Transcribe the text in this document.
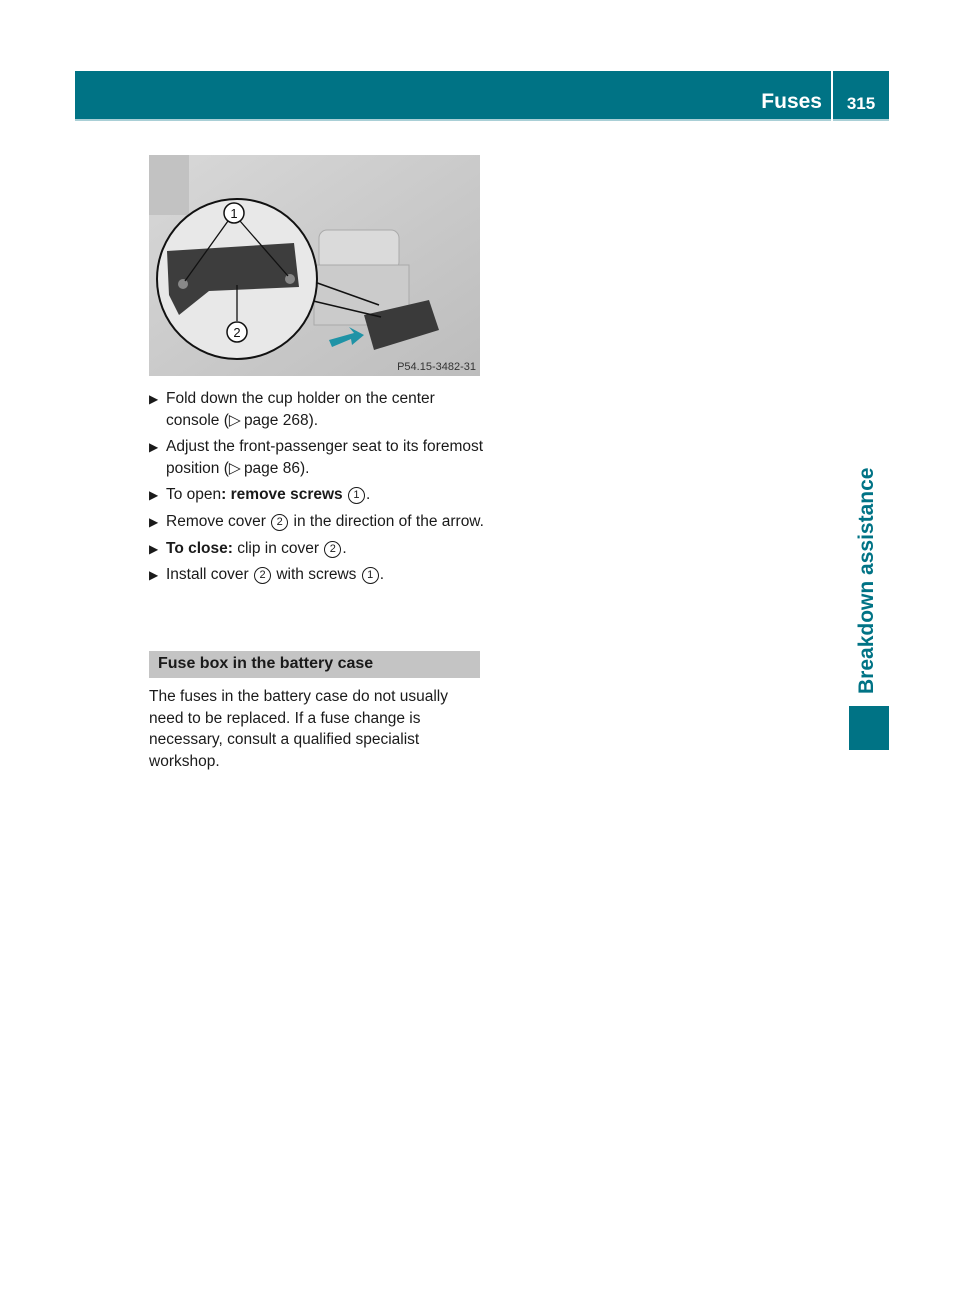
Fuses	315
Breakdown assistance
1
2
P54.15-3482-31
▶ Fold down the cup holder on the center console (▷  page 268).
▶ Adjust the front-passenger seat to its foremost position (▷  page 86).
▶ To open: remove screws 1 .
▶ Remove cover 2 in the direction of the arrow.
▶ To close: clip in cover 2 .
▶ Install cover 2 with screws 1 .
Fuse box in the battery case
The fuses in the battery case do not usually need to be replaced. If a fuse change is necessary, consult a qualified specialist workshop.
